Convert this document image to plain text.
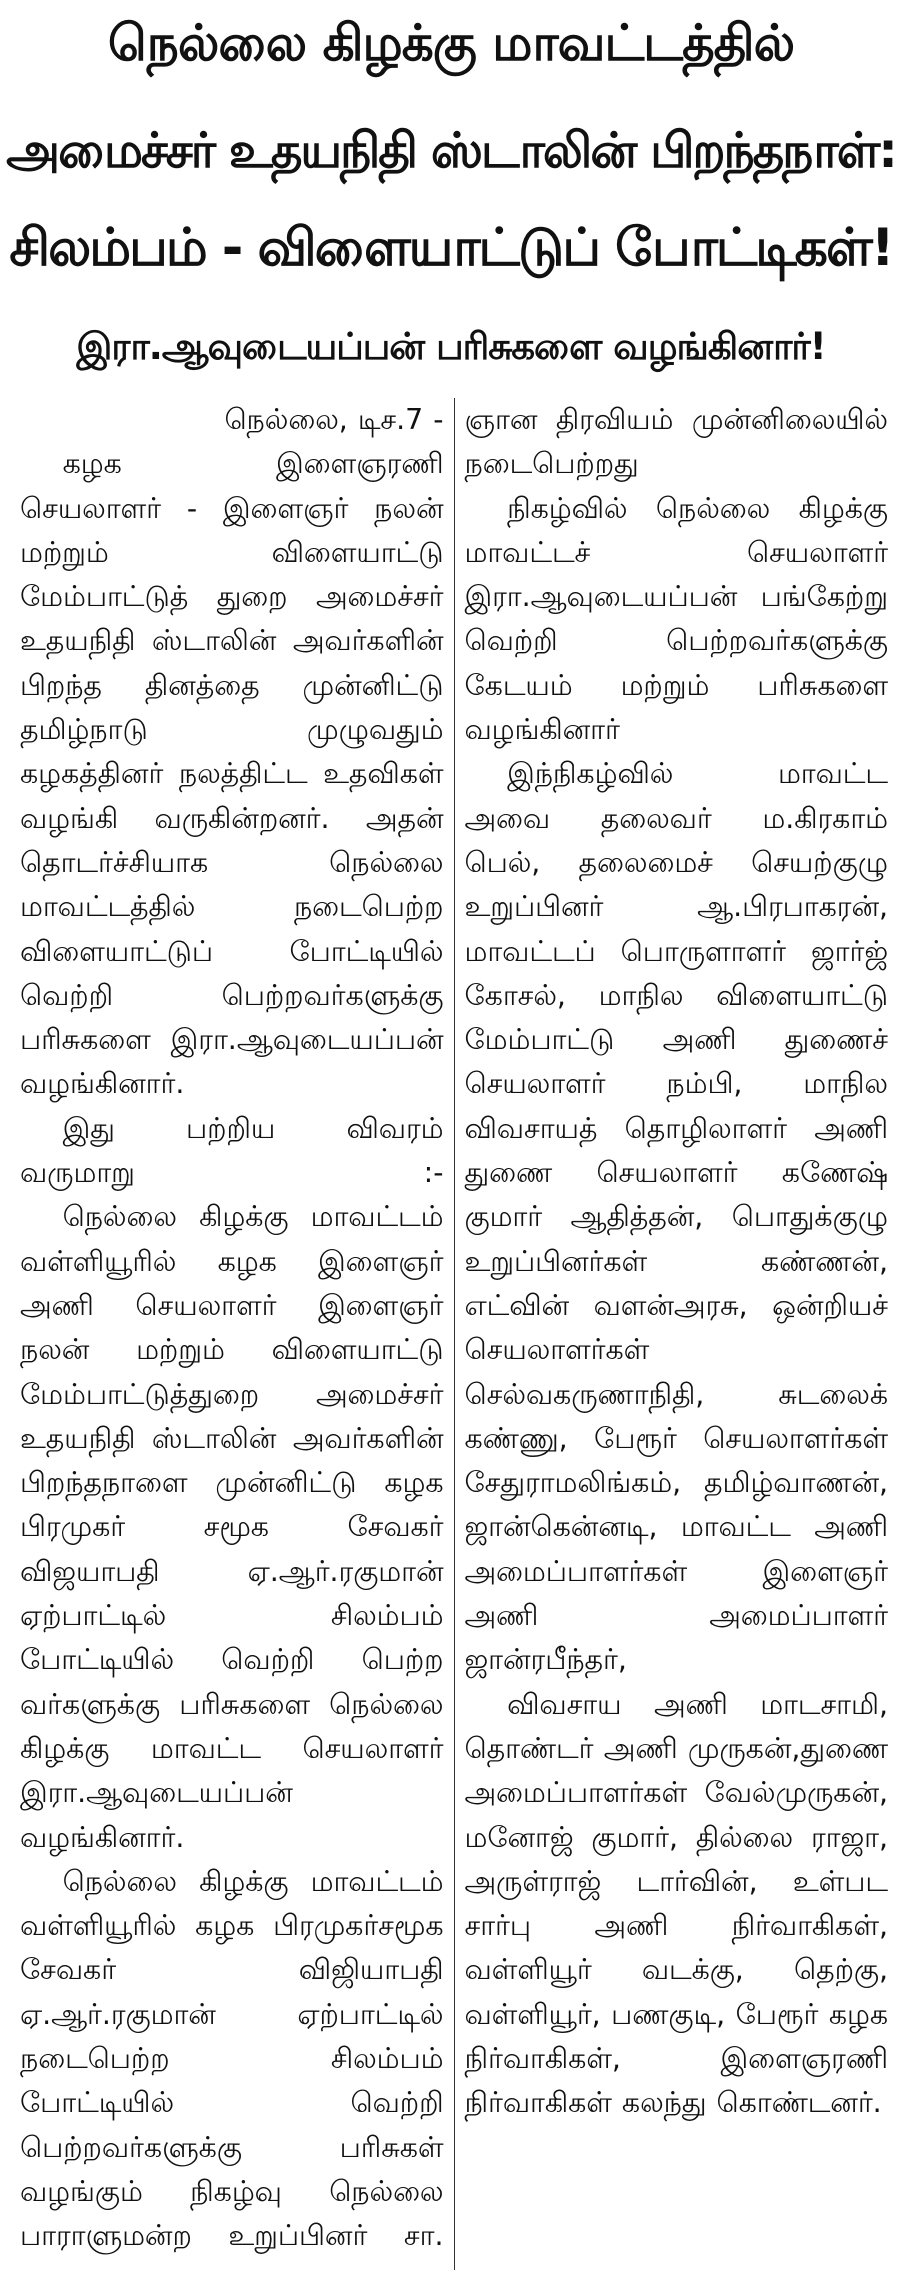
நெல்லை கிழக்கு மாவட்டத்தில்
அமைச்சர் உதயநிதி ஸ்டாலின் பிறந்தநாள்:
சிலம்பம் - விளையாட்டுப் போட்டிகள்!
இரா.ஆவுடையப்பன் பரிசுகளை வழங்கினார்!

நெல்லை, டிச.7 -

கழக இளைஞரணி செயலாளர் - இளைஞர் நலன் மற்றும் விளையாட்டு மேம்பாட்டுத் துறை அமைச்சர் உதயநிதி ஸ்டாலின் அவர்களின் பிறந்த தினத்தை முன்னிட்டு தமிழ்நாடு முழுவதும் கழகத்தினர் நலத்திட்ட உதவிகள் வழங்கி வருகின்றனர். அதன் தொடர்ச்சியாக நெல்லை மாவட்டத்தில் நடைபெற்ற விளையாட்டுப் போட்டியில் வெற்றி பெற்றவர்களுக்கு பரிசுகளை இரா.ஆவுடையப்பன் வழங்கினார்.

இது பற்றிய விவரம் வருமாறு :-

நெல்லை கிழக்கு மாவட்டம் வள்ளியூரில் கழக இளைஞர் அணி செயலாளர் இளைஞர் நலன் மற்றும் விளையாட்டு மேம்பாட்டுத்துறை அமைச்சர் உதயநிதி ஸ்டாலின் அவர்களின் பிறந்தநாளை முன்னிட்டு கழக பிரமுகர் சமூக சேவகர் விஜயாபதி ஏ.ஆர்.ரகுமான் ஏற்பாட்டில் சிலம்பம் போட்டியில் வெற்றி பெற்ற வர்களுக்கு பரிசுகளை நெல்லை கிழக்கு மாவட்ட செயலாளர் இரா.ஆவுடையப்பன் வழங்கினார்.

நெல்லை கிழக்கு மாவட்டம் வள்ளியூரில் கழக பிரமுகர்சமூக சேவகர் விஜியாபதி ஏ.ஆர்.ரகுமான் ஏற்பாட்டில் நடைபெற்ற சிலம்பம் போட்டியில் வெற்றி பெற்றவர்களுக்கு பரிசுகள் வழங்கும் நிகழ்வு நெல்லை பாராளுமன்ற உறுப்பினர் சா.

ஞான திரவியம் முன்னிலையில் நடைபெற்றது

நிகழ்வில் நெல்லை கிழக்கு மாவட்டச் செயலாளர் இரா.ஆவுடையப்பன் பங்கேற்று வெற்றி பெற்றவர்களுக்கு கேடயம் மற்றும் பரிசுகளை வழங்கினார்

இந்நிகழ்வில் மாவட்ட அவை தலைவர் ம.கிரகாம் பெல், தலைமைச் செயற்குழு உறுப்பினர் ஆ.பிரபாகரன், மாவட்டப் பொருளாளர் ஜார்ஜ் கோசல், மாநில விளையாட்டு மேம்பாட்டு அணி துணைச் செயலாளர் நம்பி, மாநில விவசாயத் தொழிலாளர் அணி துணை செயலாளர் கணேஷ் குமார் ஆதித்தன், பொதுக்குழு உறுப்பினர்கள் கண்ணன், எட்வின் வளன்அரசு, ஒன்றியச் செயலாளர்கள் செல்வகருணாநிதி, சுடலைக் கண்ணு, பேரூர் செயலாளர்கள் சேதுராமலிங்கம், தமிழ்வாணன், ஜான்கென்னடி, மாவட்ட அணி அமைப்பாளர்கள் இளைஞர் அணி அமைப்பாளர் ஜான்ரபீந்தர்,

விவசாய அணி மாடசாமி, தொண்டர் அணி முருகன்,துணை அமைப்பாளர்கள் வேல்முருகன், மனோஜ் குமார், தில்லை ராஜா, அருள்ராஜ் டார்வின், உள்பட சார்பு அணி நிர்வாகிகள், வள்ளியூர் வடக்கு, தெற்கு, வள்ளியூர், பணகுடி, பேரூர் கழக நிர்வாகிகள், இளைஞரணி நிர்வாகிகள் கலந்து கொண்டனர்.
